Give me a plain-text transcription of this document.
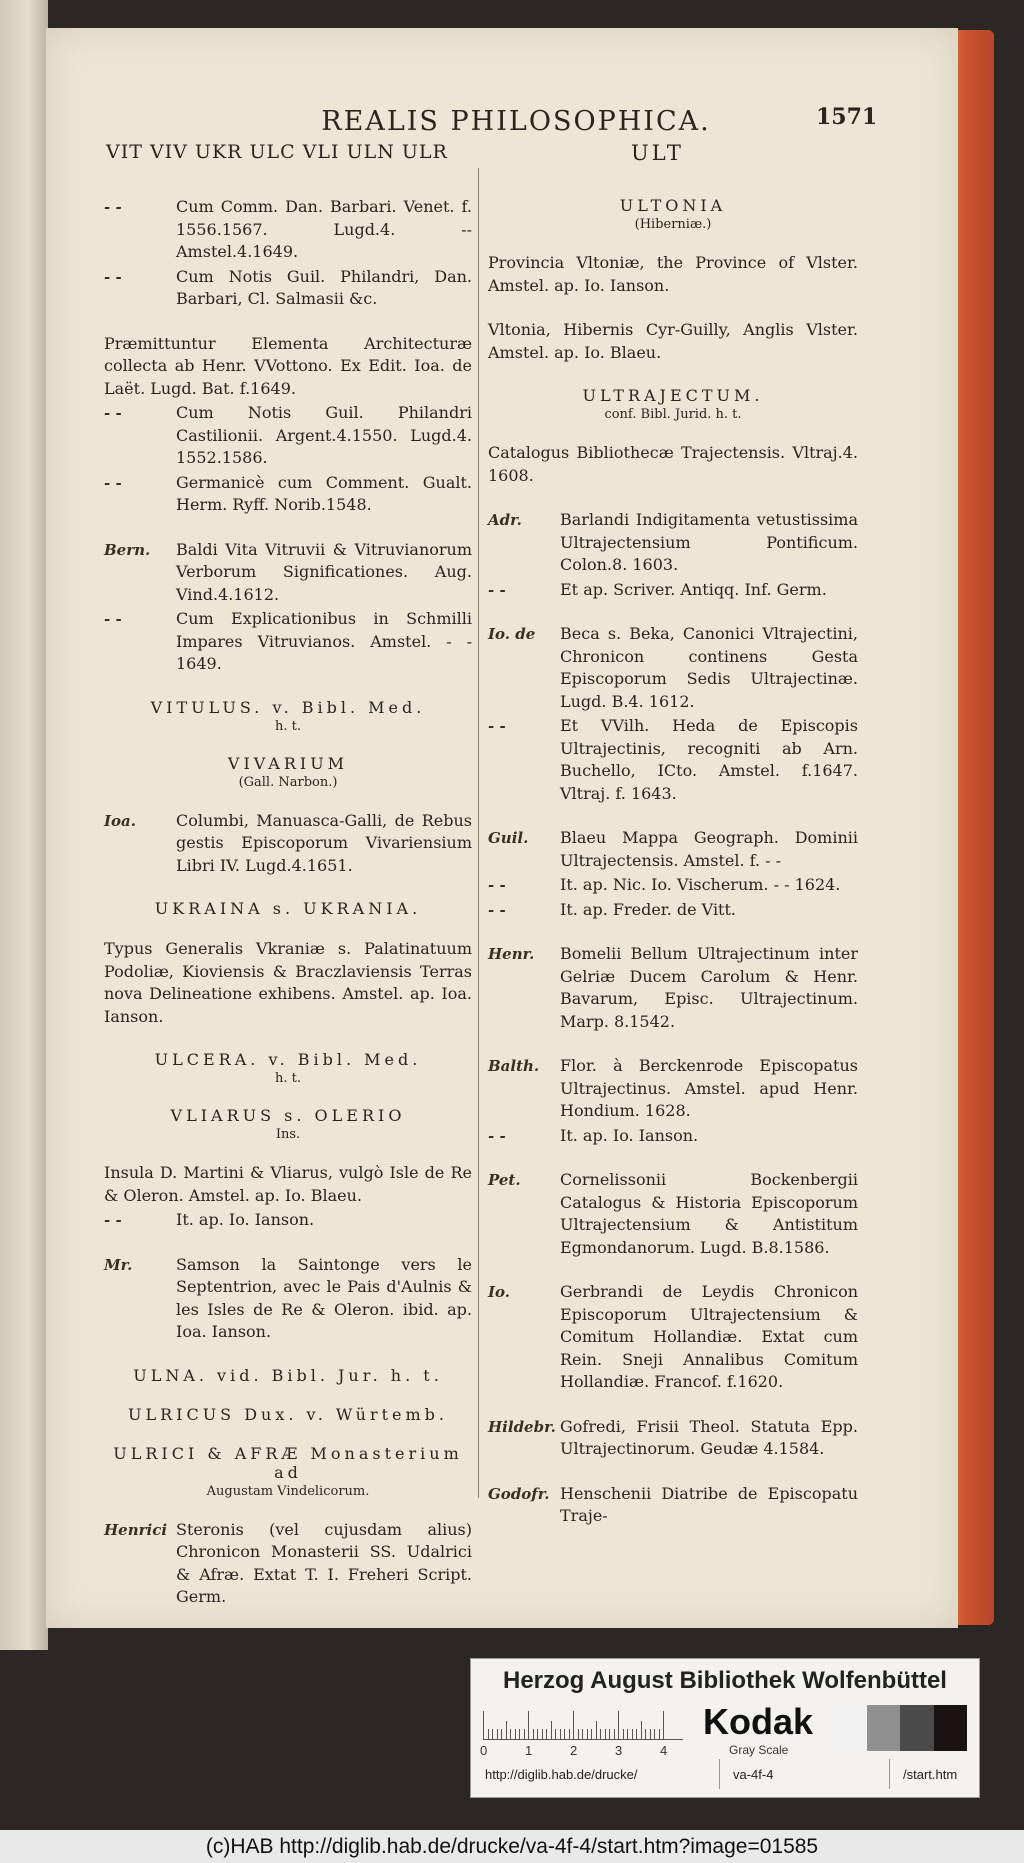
REALIS PHILOSOPHICA.	1571
VIT VIV UKR ULC VLI ULN ULR	ULT
- -	Cum Comm. Dan. Barbari. Venet. f. 1556.1567. Lugd.4. -- Amstel.4.1649.
- -	Cum Notis Guil. Philandri, Dan. Barbari, Cl. Salmasii &c.
Præmittuntur Elementa Architecturæ collecta ab Henr. VVottono. Ex Edit. Ioa. de Laët. Lugd. Bat. f.1649.
- -	Cum Notis Guil. Philandri Castilionii. Argent.4.1550. Lugd.4. 1552.1586.
- -	Germanicè cum Comment. Gualt. Herm. Ryff. Norib.1548.
Bern.	Baldi Vita Vitruvii & Vitruvianorum Verborum Significationes. Aug. Vind.4.1612.
- -	Cum Explicationibus in Schmilli Impares Vitruvianos. Amstel. - - 1649.
VITULUS. v. Bibl. Med.
h. t.
VIVARIUM
(Gall. Narbon.)
Ioa.	Columbi, Manuasca-Galli, de Rebus gestis Episcoporum Vivariensium Libri IV. Lugd.4.1651.
UKRAINA s. UKRANIA.
Typus Generalis Vkraniæ s. Palatinatuum Podoliæ, Kioviensis & Braczlaviensis Terras nova Delineatione exhibens. Amstel. ap. Ioa. Ianson.
ULCERA. v. Bibl. Med.
h. t.
VLIARUS s. OLERIO
Ins.
Insula D. Martini & Vliarus, vulgò Isle de Re & Oleron. Amstel. ap. Io. Blaeu.
- -	It. ap. Io. Ianson.
Mr.	Samson la Saintonge vers le Septentrion, avec le Pais d'Aulnis & les Isles de Re & Oleron. ibid. ap. Ioa. Ianson.
ULNA. vid. Bibl. Jur. h. t.
ULRICUS Dux. v. Würtemb.
ULRICI & AFRÆ Monasterium ad
Augustam Vindelicorum.
Henrici Steronis (vel cujusdam alius) Chronicon Monasterii SS. Udalrici & Afræ. Extat T. I. Freheri Script. Germ.
ULTONIA
(Hiberniæ.)
Provincia Vltoniæ, the Province of Vlster. Amstel. ap. Io. Ianson.
Vltonia, Hibernis Cyr-Guilly, Anglis Vlster. Amstel. ap. Io. Blaeu.
ULTRAJECTUM.
conf. Bibl. Jurid. h. t.
Catalogus Bibliothecæ Trajectensis. Vltraj.4. 1608.
Adr.	Barlandi Indigitamenta vetustissima Ultrajectensium Pontificum. Colon.8. 1603.
- -	Et ap. Scriver. Antiqq. Inf. Germ.
Io. de	Beca s. Beka, Canonici Vltrajectini, Chronicon continens Gesta Episcoporum Sedis Ultrajectinæ. Lugd. B.4. 1612.
- -	Et VVilh. Heda de Episcopis Ultrajectinis, recogniti ab Arn. Buchello, ICto. Amstel. f.1647. Vltraj. f. 1643.
Guil.	Blaeu Mappa Geograph. Dominii Ultrajectensis. Amstel. f. - -
- -	It. ap. Nic. Io. Vischerum. - - 1624.
- -	It. ap. Freder. de Vitt.
Henr.	Bomelii Bellum Ultrajectinum inter Gelriæ Ducem Carolum & Henr. Bavarum, Episc. Ultrajectinum. Marp. 8.1542.
Balth.	Flor. à Berckenrode Episcopatus Ultrajectinus. Amstel. apud Henr. Hondium. 1628.
- -	It. ap. Io. Ianson.
Pet.	Cornelissonii Bockenbergii Catalogus & Historia Episcoporum Ultrajectensium & Antistitum Egmondanorum. Lugd. B.8.1586.
Io.	Gerbrandi de Leydis Chronicon Episcoporum Ultrajectensium & Comitum Hollandiæ. Extat cum Rein. Sneji Annalibus Comitum Hollandiæ. Francof. f.1620.
Hildebr. Gofredi, Frisii Theol. Statuta Epp. Ultrajectinorum. Geudæ 4.1584.
Godofr. Henschenii Diatribe de Episcopatu Traje-
Herzog August Bibliothek Wolfenbüttel
0	1	2	3	4
Kodak
Gray Scale
http://diglib.hab.de/drucke/	va-4f-4	/start.htm
(c)HAB http://diglib.hab.de/drucke/va-4f-4/start.htm?image=01585
